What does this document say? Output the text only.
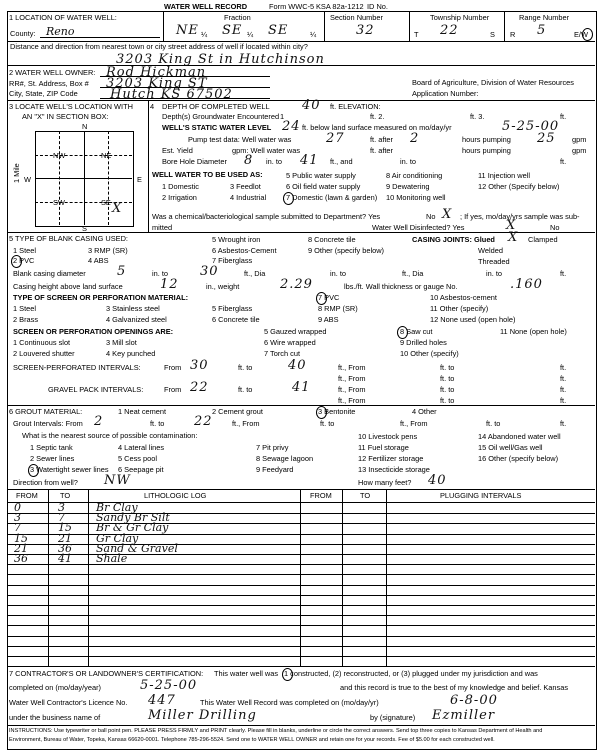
WATER WELL RECORD	Form WWC-5 KSA 82a-1212 ID No.
1 LOCATION OF WATER WELL:
County: Reno
Fraction
NE ¼ SE ¼ SE	¼
Section Number
32
Township Number
T 22	S
Range Number
R 5	E/W
Distance and direction from nearest town or city street address of well if located within city?
3203 King St in Hutchinson
2 WATER WELL OWNER: Rod Hickman
RR#, St. Address, Box # 3203 King ST
City, State, ZIP Code Hutch KS 67502
Board of Agriculture, Division of Water Resources
Application Number:
3 LOCATE WELL'S LOCATION WITH
AN "X" IN SECTION BOX:
N
S
E
W
1 Mile
NW	NE
SW	SE X
4 DEPTH OF COMPLETED WELL 40 ft. ELEVATION:
Depth(s) Groundwater Encountered 1	ft. 2.	ft. 3.	ft.
WELL'S STATIC WATER LEVEL 24 ft. below land surface measured on mo/day/yr	5-25-00
Pump test data: Well water was	27	ft. after 2	hours pumping 25 gpm
Est. Yield	gpm: Well water was	ft. after	hours pumping	gpm
Bore Hole Diameter 8 in. to 41 ft., and	in. to	ft.
WELL WATER TO BE USED AS:
1 Domestic
2 Irrigation
3 Feedlot
4 Industrial
5 Public water supply
6 Oil field water supply
7 Domestic (lawn & garden)
8 Air conditioning
9 Dewatering
10 Monitoring well
11 Injection well
12 Other (Specify below)
Was a chemical/bacteriological sample submitted to Department? Yes	No X ; If yes, mo/day/yrs sample was sub-
mitted	Water Well Disinfected? Yes	X	No
5 TYPE OF BLANK CASING USED:
1 Steel
2 PVC
3 RMP (SR)
4 ABS
5 Wrought iron
6 Asbestos-Cement
7 Fiberglass
8 Concrete tile
9 Other (specify below)
CASING JOINTS: Glued X Clamped
Welded
Threaded
Blank casing diameter 5	in. to 30	ft., Dia	in. to	ft., Dia	in. to	ft.
Casing height above land surface	12	in., weight	2.29	lbs./ft. Wall thickness or gauge No.	.160
TYPE OF SCREEN OR PERFORATION MATERIAL:
1 Steel
2 Brass
3 Stainless steel
4 Galvanized steel
5 Fiberglass
6 Concrete tile
7 PVC
8 RMP (SR)
9 ABS
10 Asbestos-cement
11 Other (specify)
12 None used (open hole)
SCREEN OR PERFORATION OPENINGS ARE:
1 Continuous slot
2 Louvered shutter
3 Mill slot
4 Key punched
5 Gauzed wrapped
6 Wire wrapped
7 Torch cut
8 Saw cut
9 Drilled holes
10 Other (specify)
11 None (open hole)
SCREEN-PERFORATED INTERVALS:	From 30	ft. to	40	ft., From	ft. to	ft.
ft., From	ft. to	ft.
GRAVEL PACK INTERVALS:	From 22	ft. to	41	ft., From	ft. to	ft.
ft., From	ft. to	ft.
6 GROUT MATERIAL:	1 Neat cement	2 Cement grout	3 Bentonite	4 Other
Grout Intervals: From 2	ft. to 22	ft., From	ft. to	ft., From	ft. to	ft.
What is the nearest source of possible contamination:
1 Septic tank
2 Sewer lines
3 Watertight sewer lines
4 Lateral lines
5 Cess pool
6 Seepage pit
7 Pit privy
8 Sewage lagoon
9 Feedyard
10 Livestock pens
11 Fuel storage
12 Fertilizer storage
13 Insecticide storage
14 Abandoned water well
15 Oil well/Gas well
16 Other (specify below)
Direction from well? NW	How many feet? 40
FROM	TO	LITHOLOGIC LOG	FROM	TO	PLUGGING INTERVALS
0	3	Br Clay
3	7	Sandy Br Silt
7	15 Br & Gr Clay
15	21 Gr Clay
21	36 Sand & Gravel
36	41 Shale
7 CONTRACTOR'S OR LANDOWNER'S CERTIFICATION: This water well was 1 constructed, (2) reconstructed, or (3) plugged under my jurisdiction and was
completed on (mo/day/year)	5-25-00	and this record is true to the best of my knowledge and belief. Kansas
Water Well Contractor's Licence No. 447	This Water Well Record was completed on (mo/day/yr)	6-8-00
under the business name of	Miller Drilling	by (signature) Ezmiller
INSTRUCTIONS: Use typewriter or ball point pen. PLEASE PRESS FIRMLY and PRINT clearly. Please fill in blanks, underline or circle the correct answers. Send top three copies to Kansas Department of Health and
Environment, Bureau of Water, Topeka, Kansas 66620-0001. Telephone 785-296-5524. Send one to WATER WELL OWNER and retain one for your records. Fee of $5.00 for each constructed well.
